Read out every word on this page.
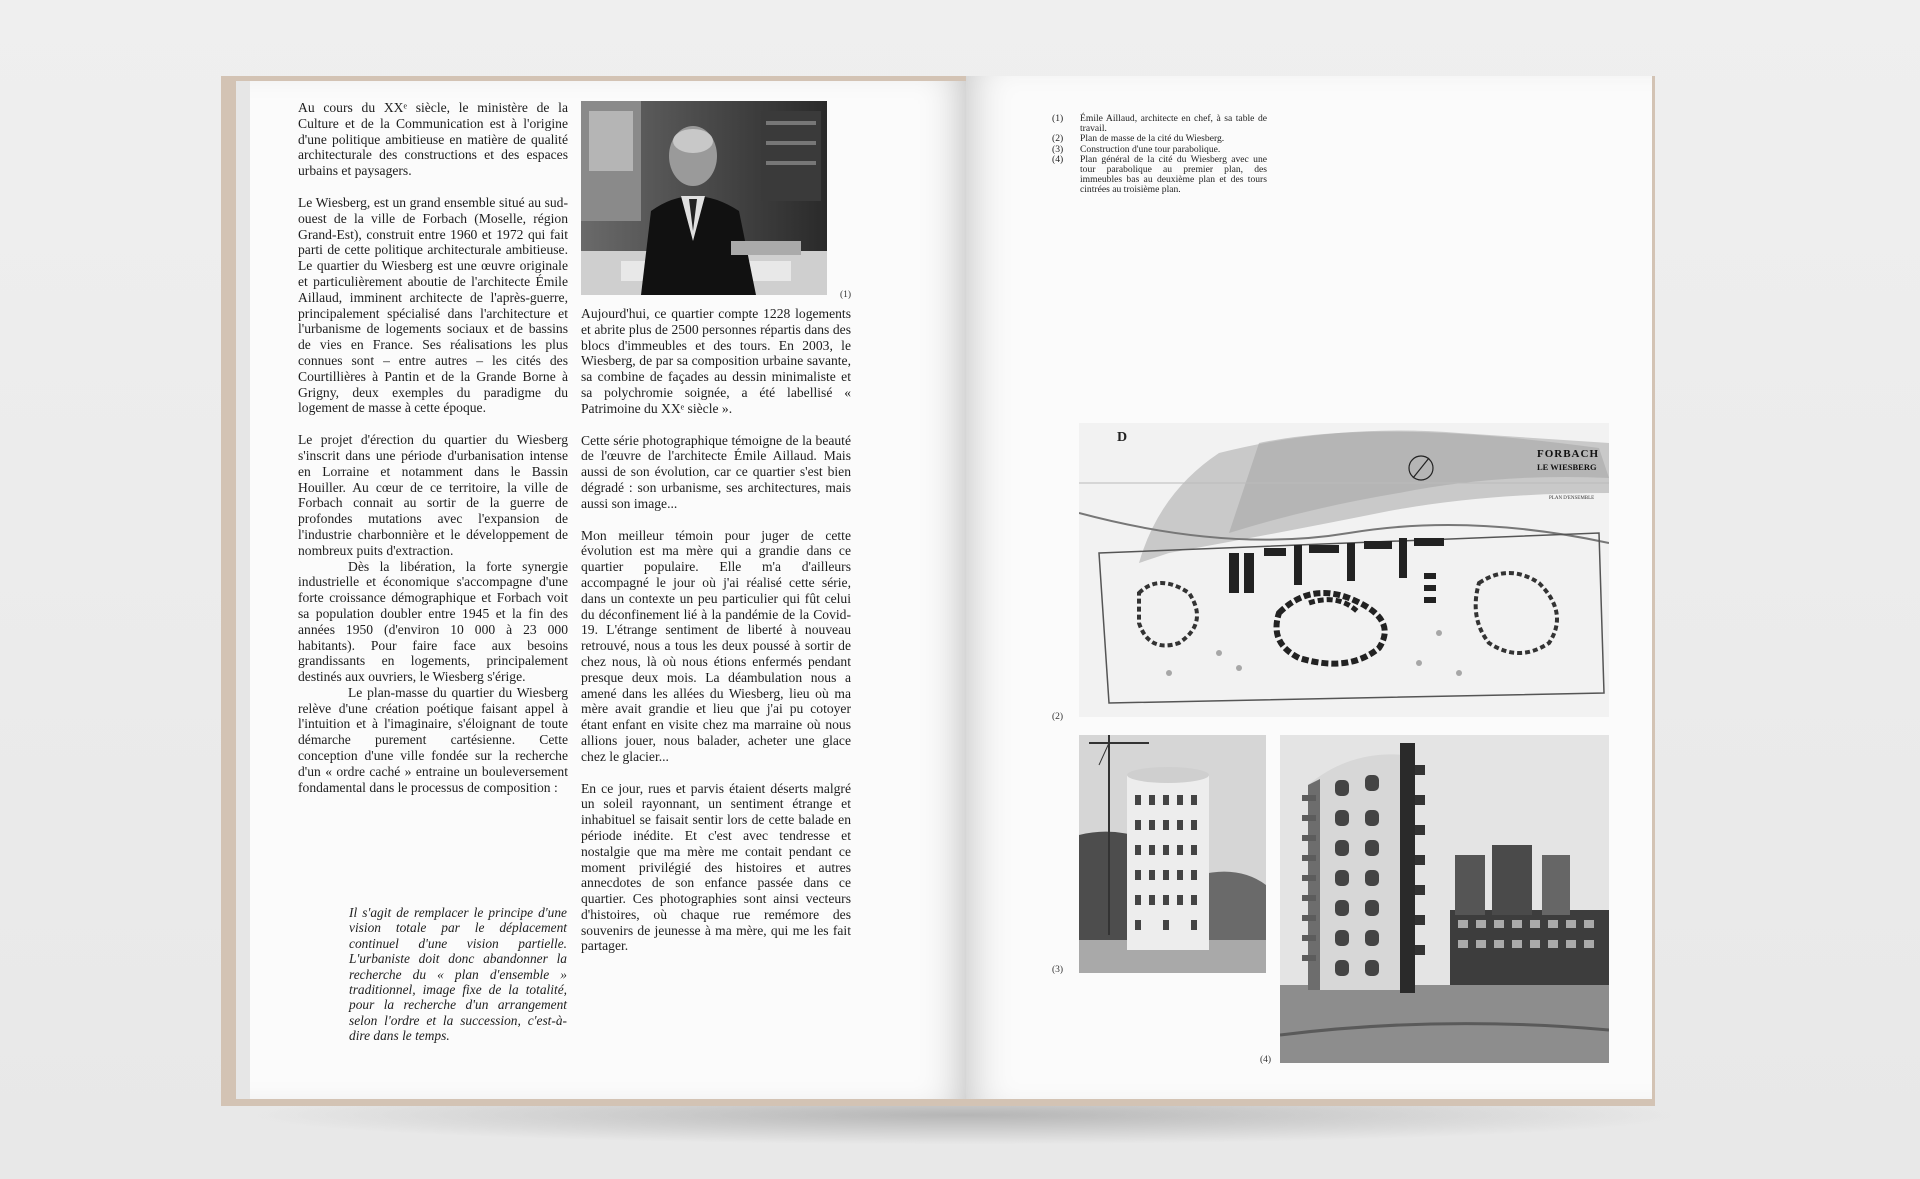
Au cours du XXᵉ siècle, le ministère de la Culture et de la Communication est à l'origine d'une politique ambitieuse en matière de qualité architecturale des constructions et des espaces urbains et paysagers.

Le Wiesberg, est un grand ensemble situé au sud-ouest de la ville de Forbach (Moselle, région Grand-Est), construit entre 1960 et 1972 qui fait parti de cette politique architecturale ambitieuse. Le quartier du Wiesberg est une œuvre originale et particulièrement aboutie de l'architecte Émile Aillaud, imminent architecte de l'après-guerre, principalement spécialisé dans l'architecture et l'urbanisme de logements sociaux et de bassins de vies en France. Ses réalisations les plus connues sont – entre autres – les cités des Courtillières à Pantin et de la Grande Borne à Grigny, deux exemples du paradigme du logement de masse à cette époque.

Le projet d'érection du quartier du Wiesberg s'inscrit dans une période d'urbanisation intense en Lorraine et notamment dans le Bassin Houiller. Au cœur de ce territoire, la ville de Forbach connait au sortir de la guerre de profondes mutations avec l'expansion de l'industrie charbonnière et le développement de nombreux puits d'extraction.

Dès la libération, la forte synergie industrielle et économique s'accompagne d'une forte croissance démographique et Forbach voit sa population doubler entre 1945 et la fin des années 1950 (d'environ 10 000 à 23 000 habitants). Pour faire face aux besoins grandissants en logements, principalement destinés aux ouvriers, le Wiesberg s'érige.

Le plan-masse du quartier du Wiesberg relève d'une création poétique faisant appel à l'intuition et à l'imaginaire, s'éloignant de toute démarche purement cartésienne. Cette conception d'une ville fondée sur la recherche d'un « ordre caché » entraine un bouleversement fondamental dans le processus de composition :

Il s'agit de remplacer le principe d'une vision totale par le déplacement continuel d'une vision partielle. L'urbaniste doit donc abandonner la recherche du « plan d'ensemble » traditionnel, image fixe de la totalité, pour la recherche d'un arrangement selon l'ordre et la succession, c'est-à-dire dans le temps.
(1)

Aujourd'hui, ce quartier compte 1228 logements et abrite plus de 2500 personnes répartis dans des blocs d'immeubles et des tours. En 2003, le Wiesberg, de par sa composition urbaine savante, sa combine de façades au dessin minimaliste et sa polychromie soignée, a été labellisé « Patrimoine du XXᵉ siècle ».

Cette série photographique témoigne de la beauté de l'œuvre de l'architecte Émile Aillaud. Mais aussi de son évolution, car ce quartier s'est bien dégradé : son urbanisme, ses architectures, mais aussi son image...

Mon meilleur témoin pour juger de cette évolution est ma mère qui a grandie dans ce quartier populaire. Elle m'a d'ailleurs accompagné le jour où j'ai réalisé cette série, dans un contexte un peu particulier qui fût celui du déconfinement lié à la pandémie de la Covid-19. L'étrange sentiment de liberté à nouveau retrouvé, nous a tous les deux poussé à sortir de chez nous, là où nous étions enfermés pendant presque deux mois. La déambulation nous a amené dans les allées du Wiesberg, lieu où ma mère avait grandie et lieu que j'ai pu cotoyer étant enfant en visite chez ma marraine où nous allions jouer, nous balader, acheter une glace chez le glacier...

En ce jour, rues et parvis étaient déserts malgré un soleil rayonnant, un sentiment étrange et inhabituel se faisait sentir lors de cette balade en période inédite. Et c'est avec tendresse et nostalgie que ma mère me contait pendant ce moment privilégié des histoires et autres annecdotes de son enfance passée dans ce quartier. Ces photographies sont ainsi vecteurs d'histoires, où chaque rue remémore des souvenirs de jeunesse à ma mère, qui me les fait partager.

(1)	Émile Aillaud, architecte en chef, à sa table de travail.
(2)	Plan de masse de la cité du Wiesberg.
(3)	Construction d'une tour parabolique.
(4)	Plan général de la cité du Wiesberg avec une tour parabolique au premier plan, des immeubles bas au deuxième plan et des tours cintrées au troisième plan.
D
FORBACH
LE WIESBERG
PLAN D'ENSEMBLE
(2)
(3)
(4)
